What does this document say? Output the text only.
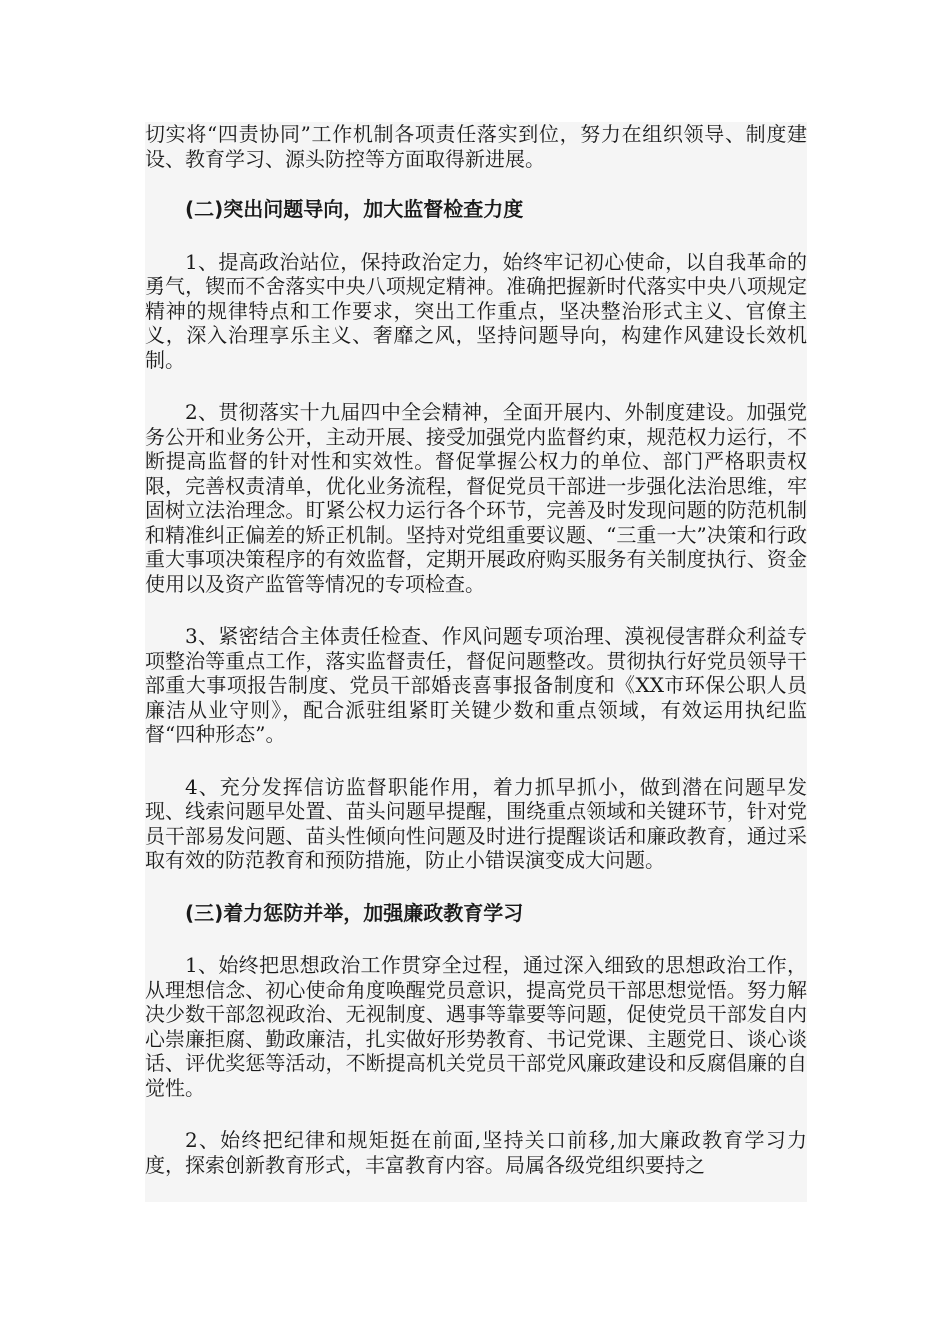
切实将“四责协同”工作机制各项责任落实到位，努力在组织领导、制度建设、教育学习、源头防控等方面取得新进展。

(二)突出问题导向，加大监督检查力度

1、提高政治站位，保持政治定力，始终牢记初心使命，以自我革命的勇气，锲而不舍落实中央八项规定精神。准确把握新时代落实中央八项规定精神的规律特点和工作要求，突出工作重点，坚决整治形式主义、官僚主义，深入治理享乐主义、奢靡之风，坚持问题导向，构建作风建设长效机制。

2、贯彻落实十九届四中全会精神，全面开展内、外制度建设。加强党务公开和业务公开，主动开展、接受加强党内监督约束，规范权力运行，不断提高监督的针对性和实效性。督促掌握公权力的单位、部门严格职责权限，完善权责清单，优化业务流程，督促党员干部进一步强化法治思维，牢固树立法治理念。盯紧公权力运行各个环节，完善及时发现问题的防范机制和精准纠正偏差的矫正机制。坚持对党组重要议题、“三重一大”决策和行政重大事项决策程序的有效监督，定期开展政府购买服务有关制度执行、资金使用以及资产监管等情况的专项检查。

3、紧密结合主体责任检查、作风问题专项治理、漠视侵害群众利益专项整治等重点工作，落实监督责任，督促问题整改。贯彻执行好党员领导干部重大事项报告制度、党员干部婚丧喜事报备制度和《XX市环保公职人员廉洁从业守则》，配合派驻组紧盯关键少数和重点领域，有效运用执纪监督“四种形态”。

4、充分发挥信访监督职能作用，着力抓早抓小，做到潜在问题早发现、线索问题早处置、苗头问题早提醒，围绕重点领域和关键环节，针对党员干部易发问题、苗头性倾向性问题及时进行提醒谈话和廉政教育，通过采取有效的防范教育和预防措施，防止小错误演变成大问题。

(三)着力惩防并举，加强廉政教育学习

1、始终把思想政治工作贯穿全过程，通过深入细致的思想政治工作，从理想信念、初心使命角度唤醒党员意识，提高党员干部思想觉悟。努力解决少数干部忽视政治、无视制度、遇事等靠要等问题，促使党员干部发自内心崇廉拒腐、勤政廉洁，扎实做好形势教育、书记党课、主题党日、谈心谈话、评优奖惩等活动，不断提高机关党员干部党风廉政建设和反腐倡廉的自觉性。

2、始终把纪律和规矩挺在前面,坚持关口前移,加大廉政教育学习力度，探索创新教育形式，丰富教育内容。局属各级党组织要持之
